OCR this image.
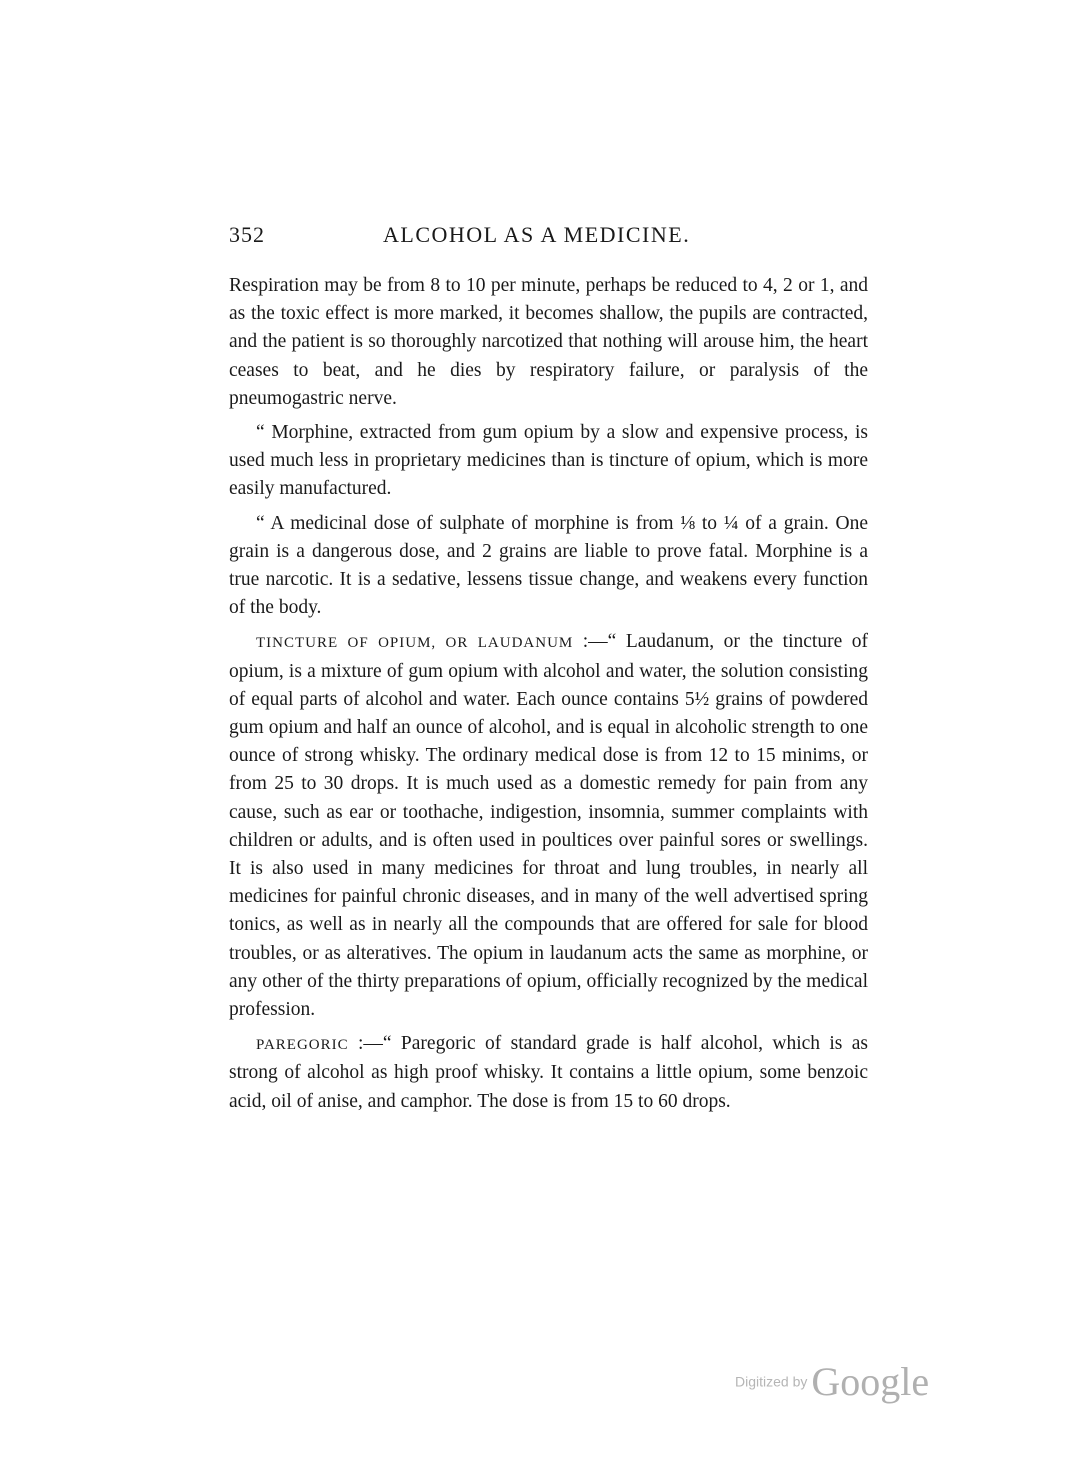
352	ALCOHOL AS A MEDICINE.

Respiration may be from 8 to 10 per minute, perhaps be reduced to 4, 2 or 1, and as the toxic effect is more marked, it becomes shallow, the pupils are contracted, and the patient is so thoroughly narcotized that nothing will arouse him, the heart ceases to beat, and he dies by respiratory failure, or paralysis of the pneumogastric nerve.

“ Morphine, extracted from gum opium by a slow and expensive process, is used much less in proprietary medicines than is tincture of opium, which is more easily manufactured.

“ A medicinal dose of sulphate of morphine is from ⅛ to ¼ of a grain. One grain is a dangerous dose, and 2 grains are liable to prove fatal. Morphine is a true narcotic. It is a sedative, lessens tissue change, and weakens every function of the body.

TINCTURE OF OPIUM, OR LAUDANUM :—“ Laudanum, or the tincture of opium, is a mixture of gum opium with alcohol and water, the solution consisting of equal parts of alcohol and water. Each ounce contains 5½ grains of powdered gum opium and half an ounce of alcohol, and is equal in alcoholic strength to one ounce of strong whisky. The ordinary medical dose is from 12 to 15 minims, or from 25 to 30 drops. It is much used as a domestic remedy for pain from any cause, such as ear or toothache, indigestion, insomnia, summer complaints with children or adults, and is often used in poultices over painful sores or swellings. It is also used in many medicines for throat and lung troubles, in nearly all medicines for painful chronic diseases, and in many of the well advertised spring tonics, as well as in nearly all the compounds that are offered for sale for blood troubles, or as alteratives. The opium in laudanum acts the same as morphine, or any other of the thirty preparations of opium, officially recognized by the medical profession.

PAREGORIC :—“ Paregoric of standard grade is half alcohol, which is as strong of alcohol as high proof whisky. It contains a little opium, some benzoic acid, oil of anise, and camphor. The dose is from 15 to 60 drops.

Digitized by Google
